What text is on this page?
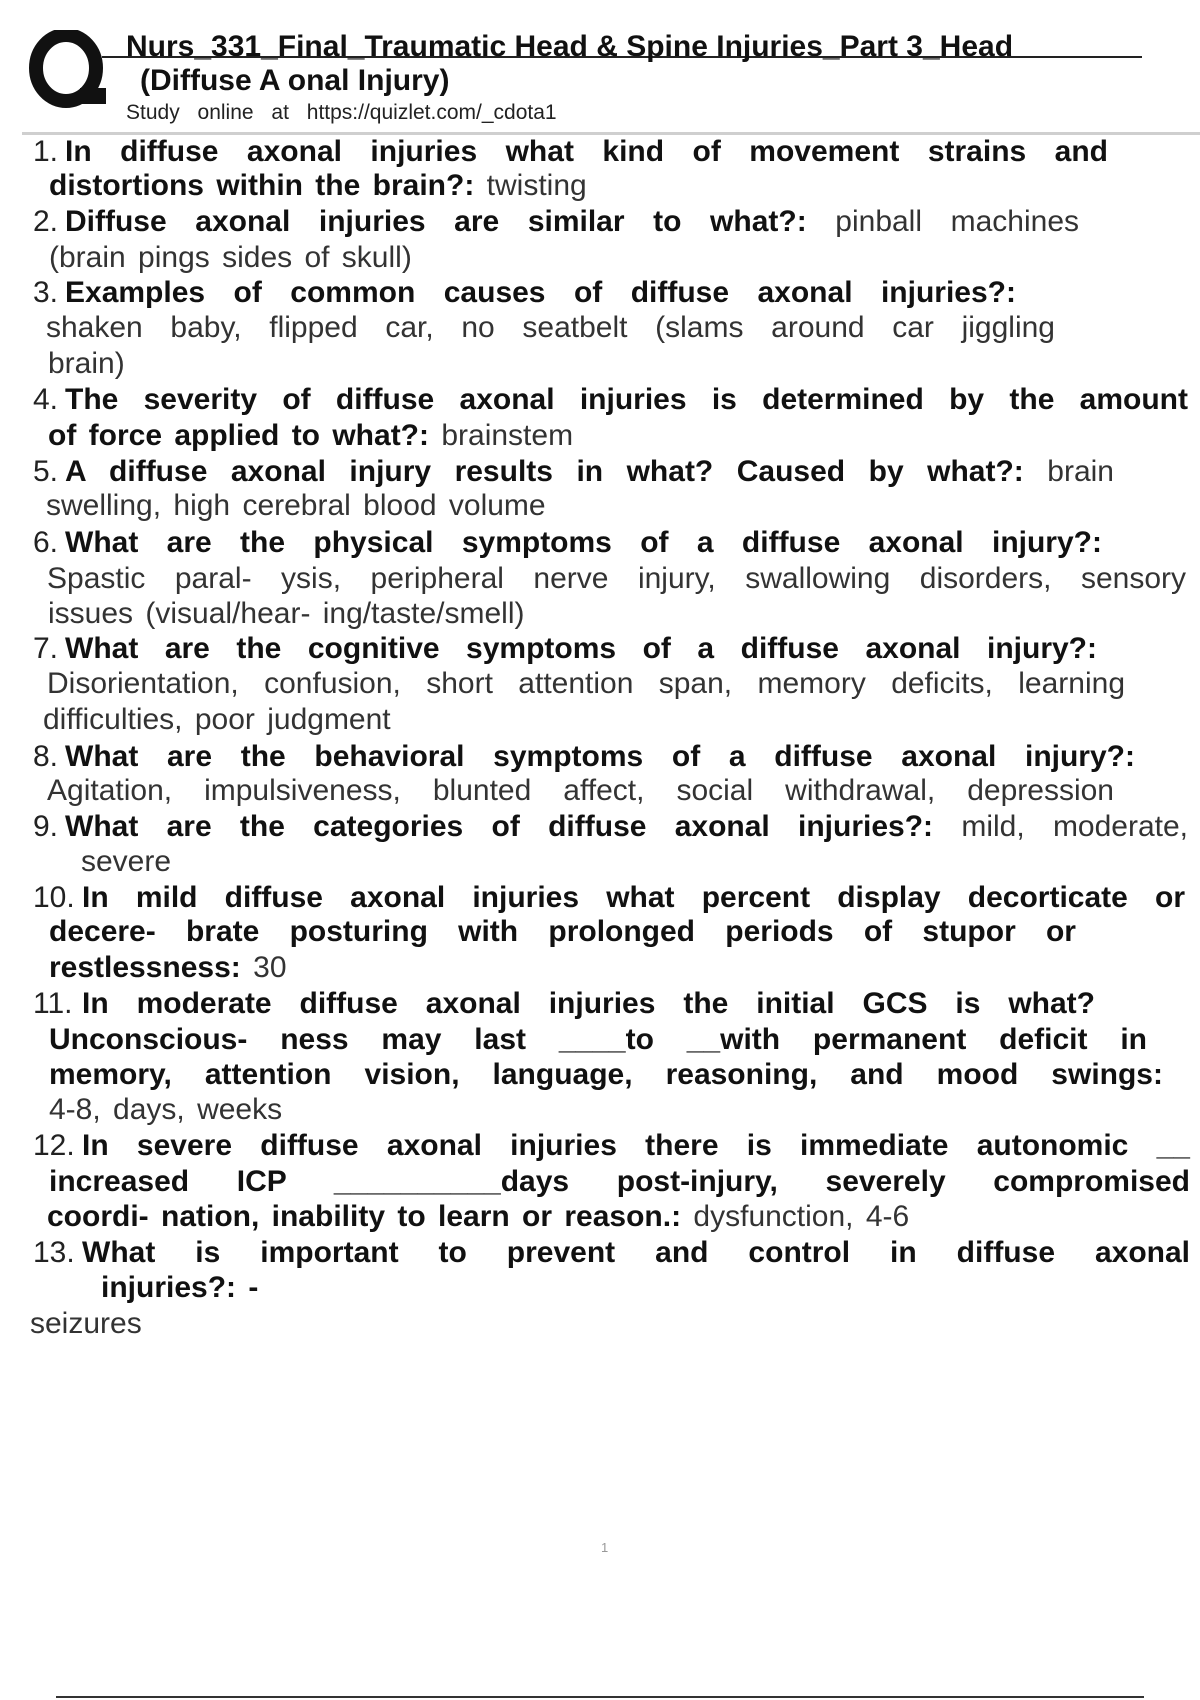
Nurs_331_Final_Traumatic Head & Spine Injuries_Part 3_Head
(Diffuse A onal Injury)
Study online at https://quizlet.com/_cdota1
1. In diffuse axonal injuries what kind of movement strains and
distortions within the brain?: twisting
2. Diffuse axonal injuries are similar to what?: pinball machines
(brain pings sides of skull)
3. Examples of common causes of diffuse axonal injuries?:
shaken baby, flipped car, no seatbelt (slams around car jiggling
brain)
4. The severity of diffuse axonal injuries is determined by the amount
of force applied to what?: brainstem
5. A diffuse axonal injury results in what? Caused by what?: brain
swelling, high cerebral blood volume
6. What are the physical symptoms of a diffuse axonal injury?:
Spastic paral- ysis, peripheral nerve injury, swallowing disorders, sensory
issues (visual/hear- ing/taste/smell)
7. What are the cognitive symptoms of a diffuse axonal injury?:
Disorientation, confusion, short attention span, memory deficits, learning
difficulties, poor judgment
8. What are the behavioral symptoms of a diffuse axonal injury?:
Agitation, impulsiveness, blunted affect, social withdrawal, depression
9. What are the categories of diffuse axonal injuries?: mild, moderate,
severe
10. In mild diffuse axonal injuries what percent display decorticate or
decere- brate posturing with prolonged periods of stupor or
restlessness: 30
11. In moderate diffuse axonal injuries the initial GCS is what?
Unconscious- ness may last ____to __with permanent deficit in
memory, attention vision, language, reasoning, and mood swings:
4-8, days, weeks
12. In severe diffuse axonal injuries there is immediate autonomic __
increased ICP __________days post-injury, severely compromised
coordi- nation, inability to learn or reason.: dysfunction, 4-6
13. What is important to prevent and control in diffuse axonal
injuries?: -
seizures
1
